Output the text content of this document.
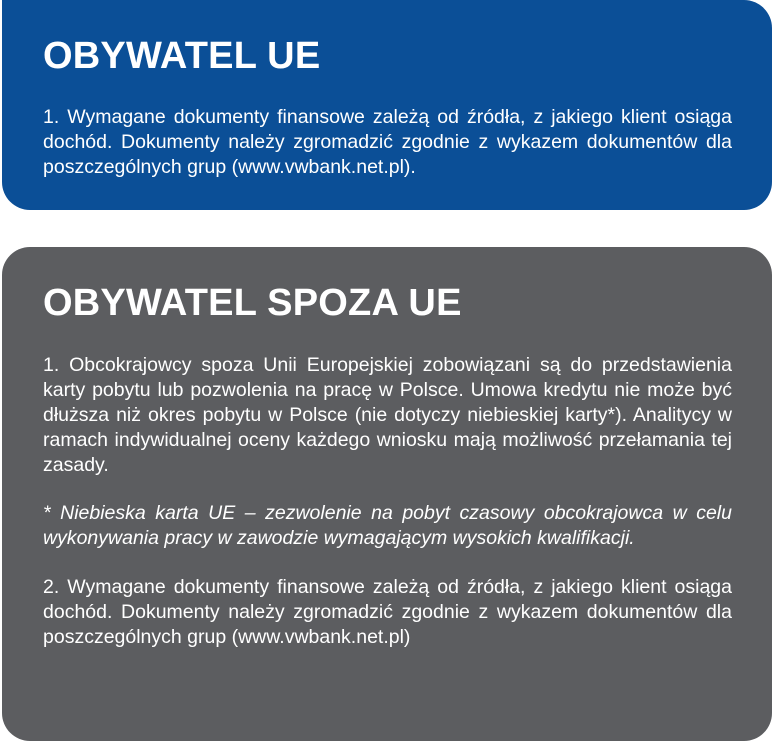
OBYWATEL UE

1. Wymagane dokumenty finansowe zależą od źródła, z jakiego klient osiąga dochód. Dokumenty należy zgromadzić zgodnie z wykazem dokumentów dla poszczególnych grup (www.vwbank.net.pl).

OBYWATEL SPOZA UE

1. Obcokrajowcy spoza Unii Europejskiej zobowiązani są do przedstawienia karty pobytu lub pozwolenia na pracę w Polsce. Umowa kredytu nie może być dłuższa niż okres pobytu w Polsce (nie dotyczy niebieskiej karty*). Analitycy w ramach indywidualnej oceny każdego wniosku mają możliwość przełamania tej zasady.

* Niebieska karta UE – zezwolenie na pobyt czasowy obcokrajowca w celu wykonywania pracy w zawodzie wymagającym wysokich kwalifikacji.

2. Wymagane dokumenty finansowe zależą od źródła, z jakiego klient osiąga dochód. Dokumenty należy zgromadzić zgodnie z wykazem dokumentów dla poszczególnych grup (www.vwbank.net.pl)
